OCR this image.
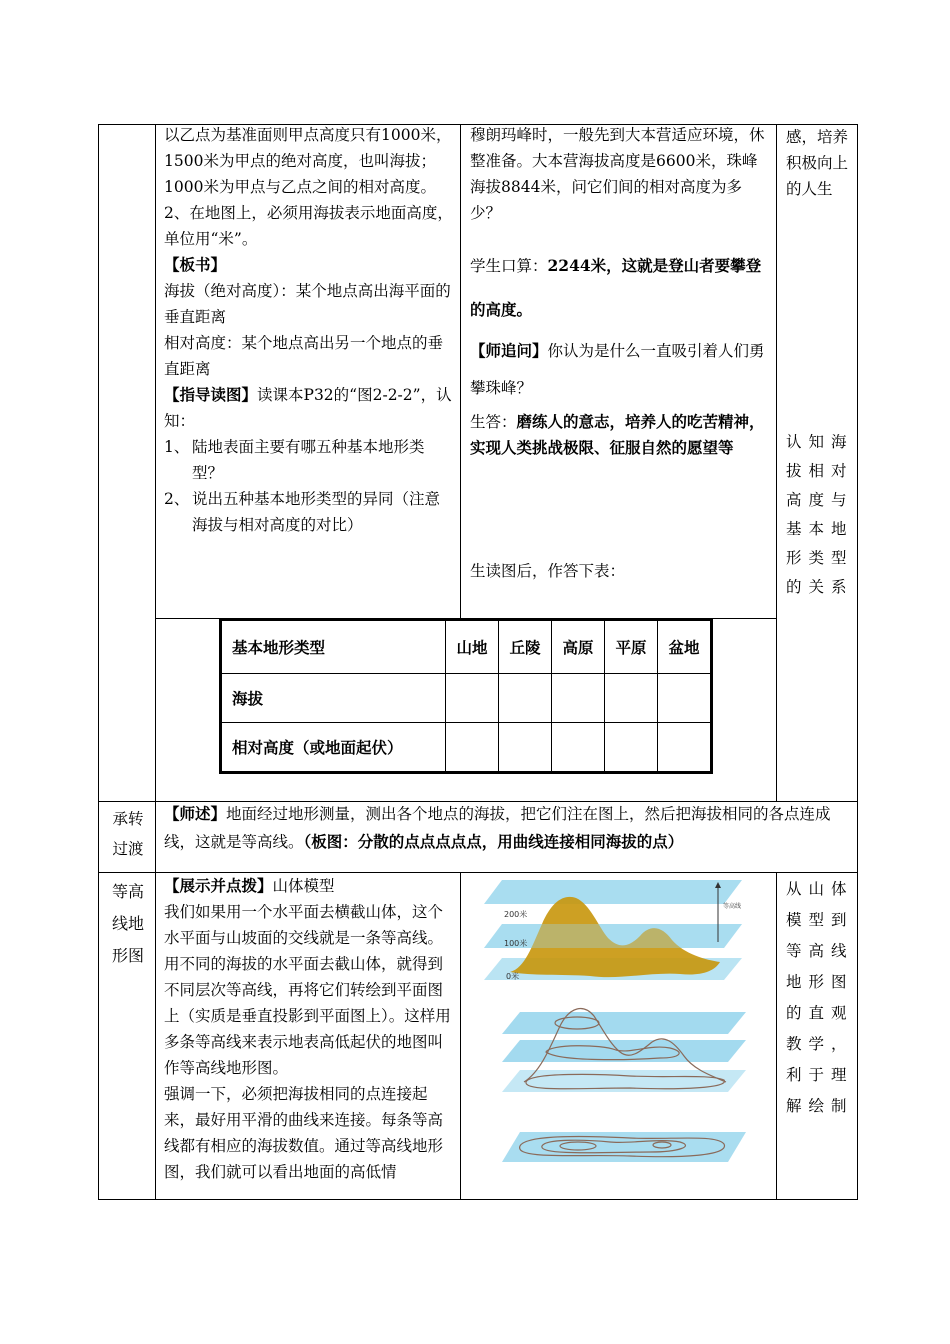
以乙点为基准面则甲点高度只有1000米，1500米为甲点的绝对高度，也叫海拔；1000米为甲点与乙点之间的相对高度。

2、在地图上，必须用海拔表示地面高度，单位用“米”。

【板书】

海拔（绝对高度）：某个地点高出海平面的垂直距离

相对高度：某个地点高出另一个地点的垂直距离

【指导读图】读课本P32的“图2-2-2”，认知：

1、 陆地表面主要有哪五种基本地形类型？
2、 说出五种基本地形类型的异同（注意海拔与相对高度的对比）

穆朗玛峰时，一般先到大本营适应环境，休整准备。大本营海拔高度是6600米，珠峰海拔8844米，问它们间的相对高度为多少？

学生口算：2244米，这就是登山者要攀登的高度。

【师追问】你认为是什么一直吸引着人们勇攀珠峰？

生答：磨练人的意志，培养人的吃苦精神，实现人类挑战极限、征服自然的愿望等

生读图后，作答下表：
感，培养积极向上的人生
认知海拔相对高度与基本地形类型的关系
基本地形类型	山地	丘陵	高原	平原	盆地
海拔					
相对高度（或地面起伏）					
承转过渡
【师述】地面经过地形测量，测出各个地点的海拔，把它们注在图上，然后把海拔相同的各点连成线，这就是等高线。（板图：分散的点点点点点，用曲线连接相同海拔的点）
等高线地形图

【展示并点拨】山体模型

我们如果用一个水平面去横截山体，这个水平面与山坡面的交线就是一条等高线。用不同的海拔的水平面去截山体，就得到不同层次等高线，再将它们转绘到平面图上（实质是垂直投影到平面图上）。这样用多条等高线来表示地表高低起伏的地图叫作等高线地形图。

强调一下，必须把海拔相同的点连接起来，最好用平滑的曲线来连接。每条等高线都有相应的海拔数值。通过等高线地形图，我们就可以看出地面的高低情

从山体模型到等高线地形图的直观教学，利于理解绘制
200米
100米
0米
等高线
